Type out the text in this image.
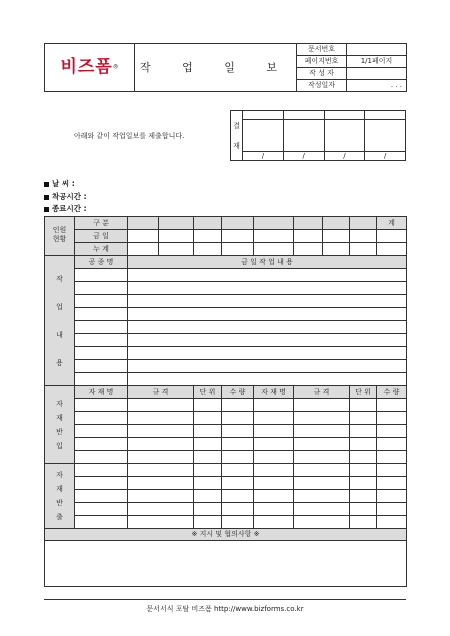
비즈폼®	작 업 일 보	문서번호	
		페이지번호	1/1페이지
		작 성 자	
		작성일자	. . .
아래와 같이 작업일보를 제출합니다.
결
재				

	/	/	/	/
날 씨 :
착공시간 :
종료시간 :
인원현황	구 분									계
	금 일									
	누 계									
작

업

내

용	공 종 명	금 일 작 업 내 용								

자
재
반
입	자 재 명	규 격		단 위	수 량	자 재 명	규 격		단 위	수 량

자
재
반
출										

※ 지시 및 협의사항 ※										

문서서식 포탈 비즈폼 http://www.bizforms.co.kr
